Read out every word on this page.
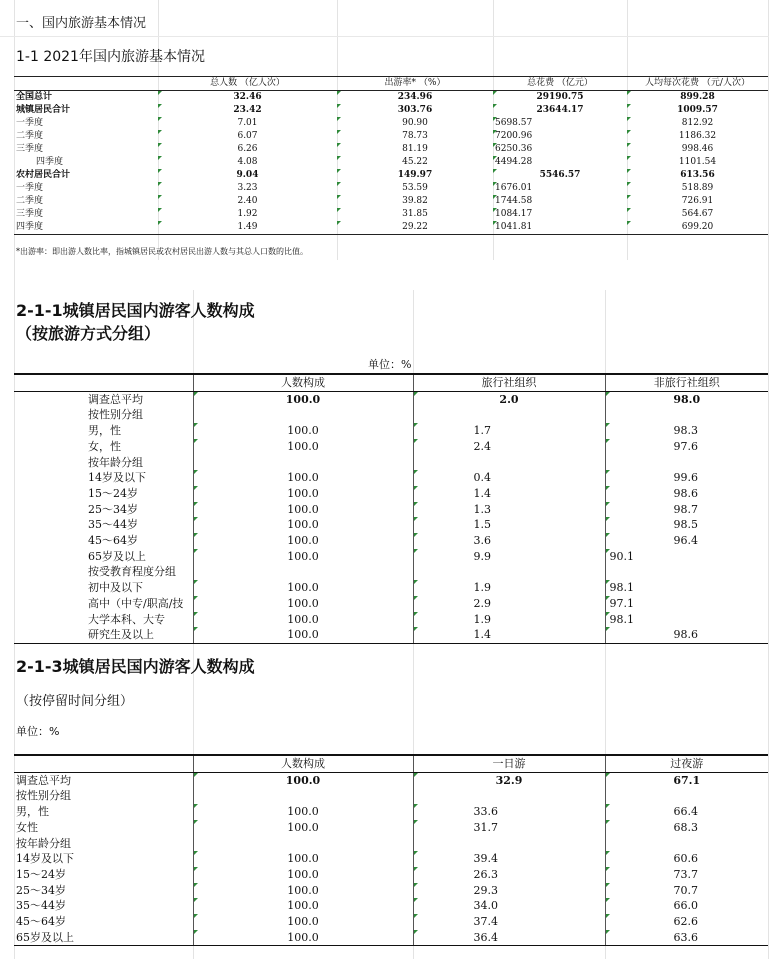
一、国内旅游基本情况
1-1 2021年国内旅游基本情况
	总人数 （亿人次）	出游率* （%）	总花费 （亿元）	人均每次花费 （元/人次）
全国总计	32.46	234.96	29190.75	899.28
城镇居民合计	23.42	303.76	23644.17	1009.57
一季度	7.01	90.90	5698.57	812.92
二季度	6.07	78.73	7200.96	1186.32
三季度	6.26	81.19	6250.36	998.46
四季度	4.08	45.22	4494.28	1101.54
农村居民合计	9.04	149.97	5546.57	613.56
一季度	3.23	53.59	1676.01	518.89
二季度	2.40	39.82	1744.58	726.91
三季度	1.92	31.85	1084.17	564.67
四季度	1.49	29.22	1041.81	699.20
*出游率：即出游人数比率，指城镇居民或农村居民出游人数与其总人口数的比值。
2-1-1城镇居民国内游客人数构成
（按旅游方式分组）
单位：%
	人数构成	旅行社组织	非旅行社组织
调查总平均	100.0	2.0	98.0
按性别分组			
男，性	100.0	1.7	98.3
女，性	100.0	2.4	97.6
按年龄分组			
14岁及以下	100.0	0.4	99.6
15～24岁	100.0	1.4	98.6
25～34岁	100.0	1.3	98.7
35～44岁	100.0	1.5	98.5
45～64岁	100.0	3.6	96.4
65岁及以上	100.0	9.9	90.1
按受教育程度分组			
初中及以下	100.0	1.9	98.1
高中（中专/职高/技	100.0	2.9	97.1
大学本科、大专	100.0	1.9	98.1
研究生及以上	100.0	1.4	98.6
2-1-3城镇居民国内游客人数构成
（按停留时间分组）
单位：%
	人数构成	一日游	过夜游
调查总平均	100.0	32.9	67.1
按性别分组			
男，性	100.0	33.6	66.4
女性	100.0	31.7	68.3
按年龄分组			
14岁及以下	100.0	39.4	60.6
15～24岁	100.0	26.3	73.7
25～34岁	100.0	29.3	70.7
35～44岁	100.0	34.0	66.0
45～64岁	100.0	37.4	62.6
65岁及以上	100.0	36.4	63.6
